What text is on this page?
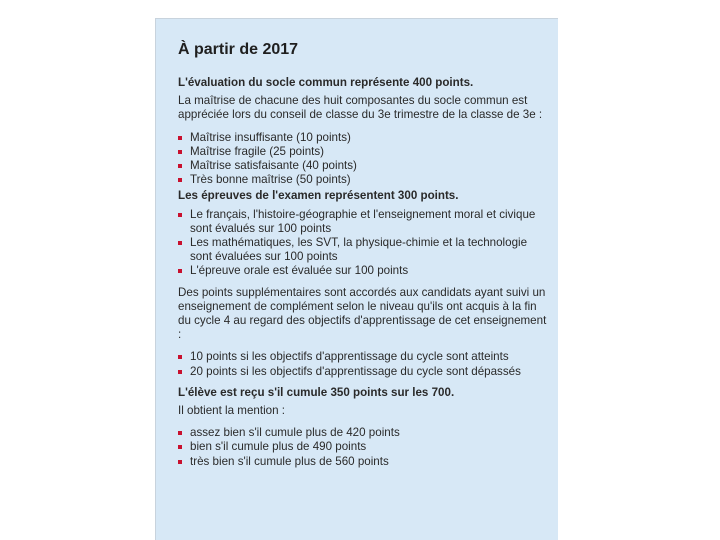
À partir de 2017
L'évaluation du socle commun représente 400 points.
La maîtrise de chacune des huit composantes du socle commun est appréciée lors du conseil de classe du 3e trimestre de la classe de 3e :
Maîtrise insuffisante (10 points)
Maîtrise fragile (25 points)
Maîtrise satisfaisante (40 points)
Très bonne maîtrise (50 points)
Les épreuves de l'examen représentent 300 points.
Le français, l'histoire-géographie et l'enseignement moral et civique sont évalués sur 100 points
Les mathématiques, les SVT, la physique-chimie et la technologie sont évaluées sur 100 points
L'épreuve orale est évaluée sur 100 points
Des points supplémentaires sont accordés aux candidats ayant suivi un enseignement de complément selon le niveau qu'ils ont acquis à la fin du cycle 4 au regard des objectifs d'apprentissage de cet enseignement :
10 points si les objectifs d'apprentissage du cycle sont atteints
20 points si les objectifs d'apprentissage du cycle sont dépassés
L'élève est reçu s'il cumule 350 points sur les 700.
Il obtient la mention :
assez bien s'il cumule plus de 420 points
bien s'il cumule plus de 490 points
très bien s'il cumule plus de 560 points
